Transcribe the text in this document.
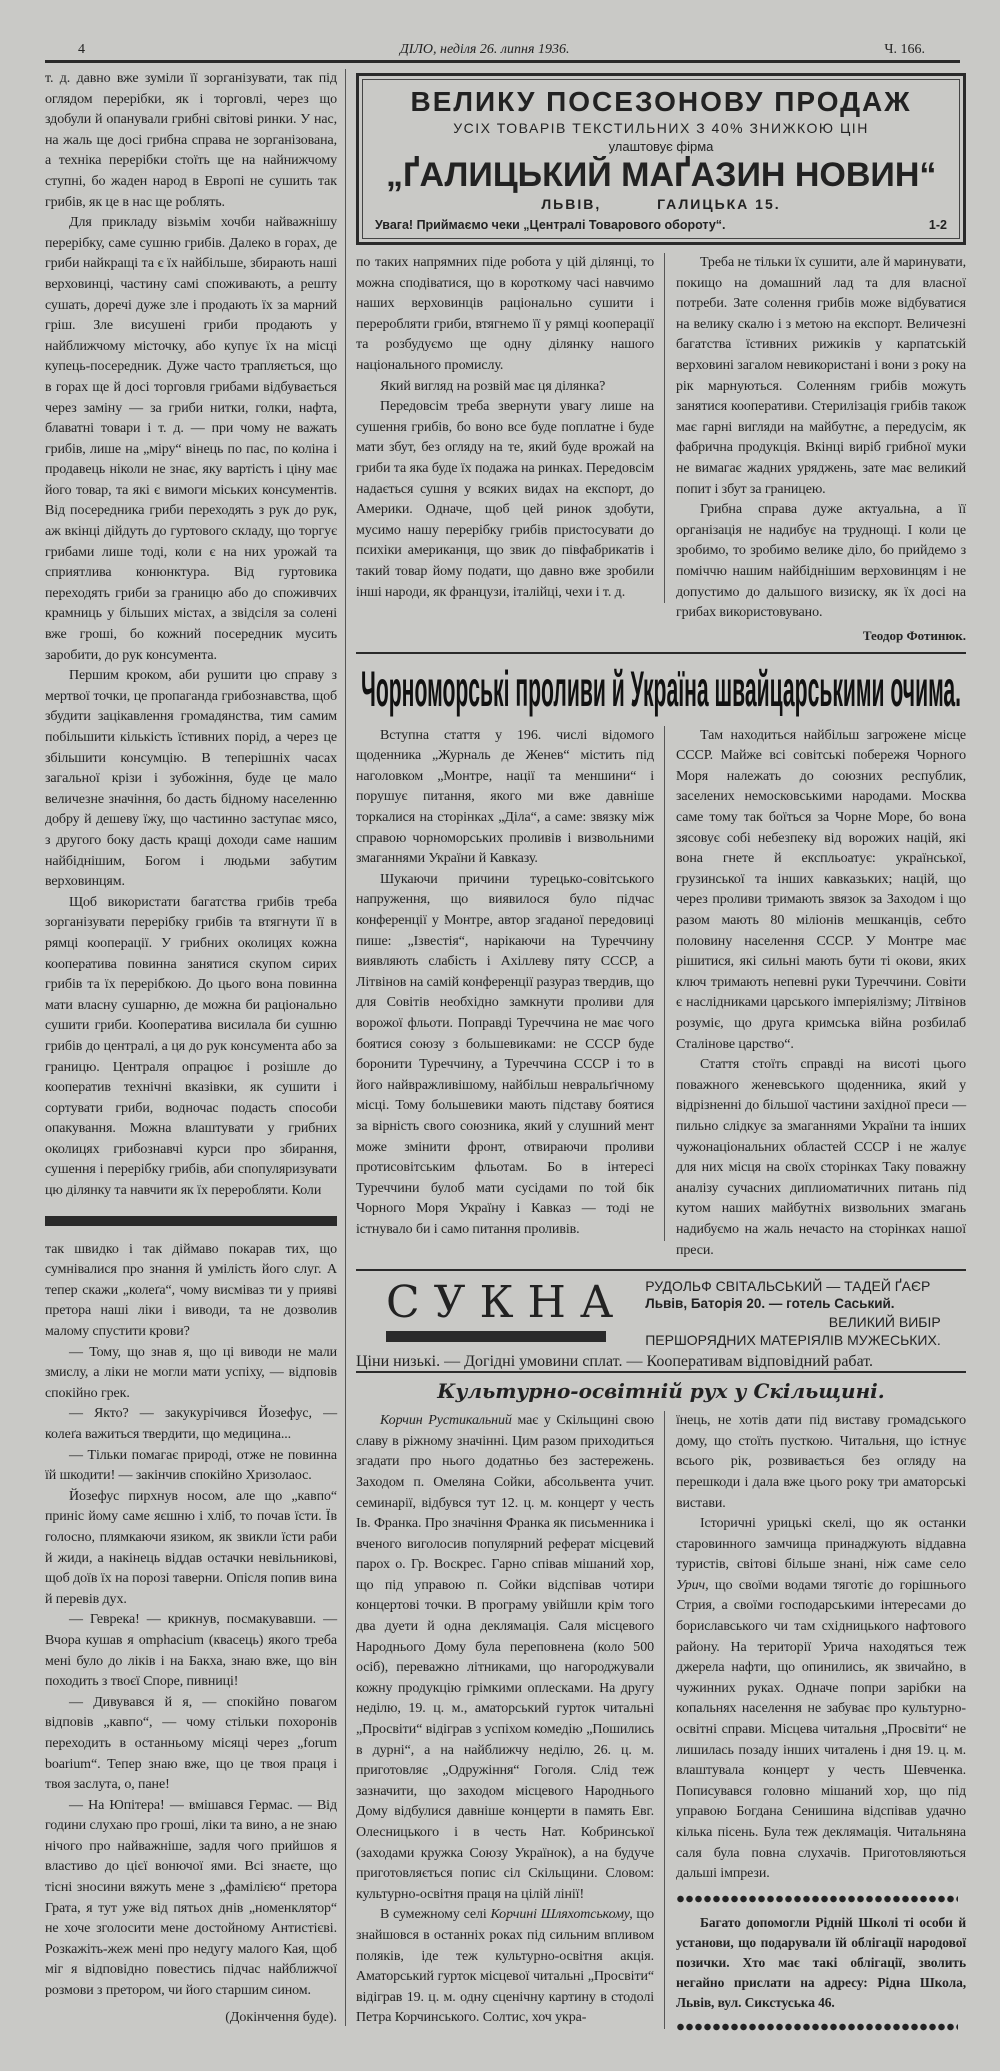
4	ДІЛО, неділя 26. липня 1936.	Ч. 166.

т. д. давно вже зуміли її зорганізувати, так під оглядом перерібки, як і торговлі, через що здобули й опанували грибні світові ринки. У нас, на жаль ще досі грибна справа не зорганізована, а техніка перерібки стоїть ще на найнижчому ступні, бо жаден народ в Европі не сушить так грибів, як це в нас ще роблять.

Для прикладу візьмім хочби найважнішу перерібку, саме сушню грибів. Далеко в горах, де гриби найкращі та є їх найбільше, збирають наші верховинці, частину самі споживають, а решту сушать, доречі дуже зле і продають їх за марний гріш. Зле висушені гриби продають у найближчому місточку, або купує їх на місці купець-посередник. Дуже часто трапляється, що в горах ще й досі торговля грибами відбувається через заміну — за гриби нитки, голки, нафта, блаватні товари і т. д. — при чому не важать грибів, лише на „міру“ вінець по пас, по коліна і продавець ніколи не знає, яку вартість і ціну має його товар, та які є вимоги міських консументів. Від посередника гриби переходять з рук до рук, аж вкінці дійдуть до гуртового складу, що торгує грибами лише тоді, коли є на них урожай та сприятлива конюнктура. Від гуртовика переходять гриби за границю або до споживчих крамниць у більших містах, а звідсіля за солені вже гроші, бо кожний посередник мусить заробити, до рук консумента.

Першим кроком, аби рушити цю справу з мертвої точки, це пропаганда грибознавства, щоб збудити зацікавлення громадянства, тим самим побільшити кількість їстивних порід, а через це збільшити консумцію. В теперішніх часах загальної крізи і зубожіння, буде це мало величезне значіння, бо дасть бідному населенню добру й дешеву їжу, що частинно заступає мясо, з другого боку дасть кращі доходи саме нашим найбіднішим, Богом і людьми забутим верховинцям.

Щоб використати багатства грибів треба зорганізувати перерібку грибів та втягнути її в рямці кооперації. У грибних околицях кожна кооператива повинна занятися скупом сирих грибів та їх перерібкою. До цього вона повинна мати власну сушарню, де можна би раціонально сушити гриби. Кооператива висилала би сушню грибів до централі, а ця до рук консумента або за границю. Централя опрацює і розішле до кооператив технічні вказівки, як сушити і сортувати гриби, водночас подасть способи опакування. Можна влаштувати у грибних околицях грибознавчі курси про збирання, сушення і перерібку грибів, аби спопуляризувати цю ділянку та навчити як їх переробляти. Коли

так швидко і так діймаво покарав тих, що сумнівалися про знання й уміліcть його слуг. А тепер скажи „колеґа“, чому висміваз ти у приявi претора наші ліки і виводи, та не дозволив малому спустити крови?

— Тому, що знав я, що ці виводи не мали змислу, а ліки не могли мати успіху, — відповів спокійно грек.

— Якто? — закукурічився Йозефус, — колеґа важиться твердити, що медицина...

— Тільки помагає природі, отже не повинна їй шкодити! — закінчив спокійно Хризолаос.

Йозефус пирхнув носом, але що „кавпо“ приніс йому саме яєшню і хліб, то почав їсти. Їв голосно, плямкаючи язиком, як звикли їсти раби й жиди, а накінець віддав остачки невільникові, щоб доїв їх на порозі таверни. Опісля попив вина й перевів дух.

— Геврека! — крикнув, посмакувавши. — Вчора кушав я omphacium (квасець) якого треба мені було до ліків і на Бакха, знаю вже, що він походить з твоєї Споре, пивниці!

— Дивувався й я, — спокійно повагом відповів „кавпо“, — чому стільки похоронів переходить в останньому місяці через „forum boarium“. Тепер знаю вже, що це твоя праця і твоя заслута, о, пане!

— На Юпітера! — вмішався Гермас. — Від години слухаю про гроші, ліки та вино, а не знаю нічого про найважніше, задля чого прийшов я властиво до цієї вонючої ями. Всі знаєте, що тісні зносини вяжуть мене з „фамілією“ претора Грата, я тут уже від пятьох днів „номенклятор“ не хоче зголосити мене достойному Антистієві. Розкажіть-жеж мені про недугу малого Кая, щоб міг я відповідно повестись підчас найближчої розмови з претором, чи його старшим сином.

(Докінчення буде).
ВЕЛИКУ ПОСЕЗОНОВУ ПРОДАЖ
УСІХ ТОВАРІВ ТЕКСТИЛЬНИХ З 40% ЗНИЖКОЮ ЦІН
улаштовує фірма
„ҐАЛИЦЬКИЙ МАҐАЗИН НОВИН“
ЛЬВІВ,	ГАЛИЦЬКА 15.
Увага! Приймаємо чеки „Централі Товарового обороту“.	1-2

по таких напрямних піде робота у цій ділянці, то можна сподіватися, що в короткому часі навчимо наших верховинців раціонально сушити і переробляти гриби, втягнемо її у рямці кооперації та розбудуємо ще одну ділянку нашого національного промислу.

Який вигляд на розвій має ця ділянка?

Передовсім треба звернути увагу лише на сушення грибів, бо воно все буде поплатне і буде мати збут, без огляду на те, який буде врожай на гриби та яка буде їх подажа на ринках. Передовсім надається сушня у всяких видах на експорт, до Америки. Одначе, щоб цей ринок здобути, мусимо нашу перерібку грибів пристосувати до психіки американця, що звик до півфабрикатів і такий товар йому подати, що давно вже зробили інші народи, як французи, італійці, чехи і т. д.

Треба не тільки їх сушити, але й маринувати, покищо на домашний лад та для власної потреби. Зате солення грибів може відбуватися на велику скалю і з метою на експорт. Величезні багатства їстивних рижиків у карпатській верховині загалом невикористані і вони з року на рік марнуються. Соленням грибів можуть занятися кооперативи. Стерилізація грибів також має гарні вигляди на майбутнє, а передусім, як фабрична продукція. Вкінці виріб грибної муки не вимагає жадних уряджень, зате має великий попит і збут за границею.

Грибна справа дуже актуальна, а її організація не надибує на труднощі. І коли це зробимо, то зробимо велике діло, бо прийдемо з поміччю нашим найбіднішим верховинцям і не допустимо до дальшого визиску, як їх досі на грибах використовувано.

Теодор Фотинюк.
Чорноморські проливи й Україна швайцарськими очима.

Вступна стаття у 196. числі відомого щоденника „Журналь де Женев“ містить під наголовком „Монтре, нації та меншини“ і порушує питання, якого ми вже давніше торкалися на сторінках „Діла“, а саме: звязку між справою чорноморських проливів і визвольними змаганнями України й Кавказу.

Шукаючи причини турецько-совітського напруження, що виявилося було підчас конференції у Монтре, автор згаданої передовиці пише: „Ізвестія“, нарікаючи на Туреччину виявляють слабість і Ахіллеву пяту СССР, а Літвінов на самій конференції разураз твердив, що для Совітів необхідно замкнути проливи для ворожої фльоти. Поправді Туреччина не має чого боятися союзу з большевиками: не СССР буде боронити Туреччину, а Туреччина СССР і то в його найвражливішому, найбільш невральґічному місці. Тому большевики мають підставу боятися за вірність свого союзника, який у слушний мент може змінити фронт, отвираючи проливи протисовітським фльотам. Бо в інтересі Туреччини булоб мати сусідами по той бік Чорного Моря Україну і Кавказ — тоді не істнувало би і само питання проливів.

Там находиться найбільш загрожене місце СССР. Майже всі совітські побережя Чорного Моря належать до союзних республик, заселених немосковськими народами. Москва саме тому так боїться за Чорне Море, бо вона зясовує собі небезпеку від ворожих націй, які вона гнете й експльоатує: української, грузинської та інших кавказьких; націй, що через проливи тримають звязок за Заходом і що разом мають 80 міліонів мешканців, себто половину населення СССР. У Монтре має рішитися, які сильні мають бути ті окови, яких ключ тримають непевні руки Туреччини. Совіти є наслідниками царського імперіялізму; Літвінов розуміє, що друга кримська війна розбилаб Сталінове царство“.

Стаття стоїть справді на висоті цього поважного женевського щоденника, який у відрізненні до більшої частини західної преси — пильно слідкує за змаганнями України та інших чужонаціональних областей СССР і не жалує для них місця на своїх сторінках Таку поважну аналізу сучасних диплиоматичних питань під кутом наших майбутніх визвольних змагань надибуємо на жаль нечасто на сторінках нашої преси.

СУКНА РУДОЛЬФ СВІТАЛЬСЬКИЙ — ТАДЕЙ ҐАЄР
Львів, Баторія 20. — готель Саський.
ВЕЛИКИЙ ВИБІР
ПЕРШОРЯДНИХ МАТЕРІЯЛІВ МУЖЕСЬКИХ.
Ціни низькі. — Догідні умовини сплат. — Кооперативам відповідний рабат.
Культурно-освітній рух у Скільщині.

Корчин Рустикальний має у Скільщині свою славу в ріжному значінні. Цим разом приходиться згадати про нього додатньо без застережень. Заходом п. Омеляна Сойки, абсольвента учит. семинарії, відбувся тут 12. ц. м. концерт у честь Ів. Франка. Про значіння Франка як письменника і вченого виголосив популярний реферат місцевий парох о. Гр. Воскрес. Гарно співав мішаний хор, що під управою п. Сойки відспівав чотири концертові точки. В програму увійшли крім того два дуети й одна деклямація. Саля місцевого Народнього Дому була переповнена (коло 500 осіб), переважно літниками, що нагороджували кожну продукцію грімкими оплесками. На другу неділю, 19. ц. м., аматорський гурток читальні „Просвіти“ відіграв з успіхом комедію „Пошились в дурні“, а на найближчу неділю, 26. ц. м. приготовляє „Одружіння“ Гоголя. Слід теж зазначити, що заходом місцевого Народнього Дому відбулися давніше концерти в память Евг. Олесницького і в честь Нат. Кобринської (заходами кружка Союзу Українок), а на будуче приготовляється попис сіл Скільщини. Словом: культурно-освітня праця на цілій лінії!

В сумежному селі Корчині Шляхотському, що знайшовся в останніх роках під сильним впливом поляків, іде теж культурно-освітня акція. Аматорський гурток місцевої читальні „Просвіти“ відіграв 19. ц. м. одну сценічну картину в стодолі Петра Корчинського. Солтис, хоч укра-

їнець, не хотів дати під виставу громадського дому, що стоїть пусткою. Читальня, що істнує всього рік, розвивається без огляду на перешкоди і дала вже цього року три аматорські вистави.

Історичні урицькі скелі, що як останки старовинного замчища принаджують віддавна туристів, світові більше знані, ніж саме село Урич, що своїми водами тяготіє до горішнього Стрия, а своїми господарськими інтересами до бориславського чи там східницького нафтового району. На території Урича находяться теж джерела нафти, що опинились, як звичайно, в чужинних руках. Одначе попри зарібки на копальнях населення не забуває про культурно-освітні справи. Місцева читальня „Просвіти“ не лишилась позаду інших читалень і дня 19. ц. м. влаштувала концерт у честь Шевченка. Пописувався головно мішаний хор, що під управою Богдана Сенишина відспівав удачно кілька пісень. Була теж деклямація. Читальняна саля була повна слухачів. Приготовляються дальші імпрези.

Багато допомогли Рідній Школі ті особи й установи, що подарували їй облігації народової позички. Хто має такі облігації, зволить негайно прислати на адресу: Рідна Школа, Львів, вул. Сикстуська 46.
